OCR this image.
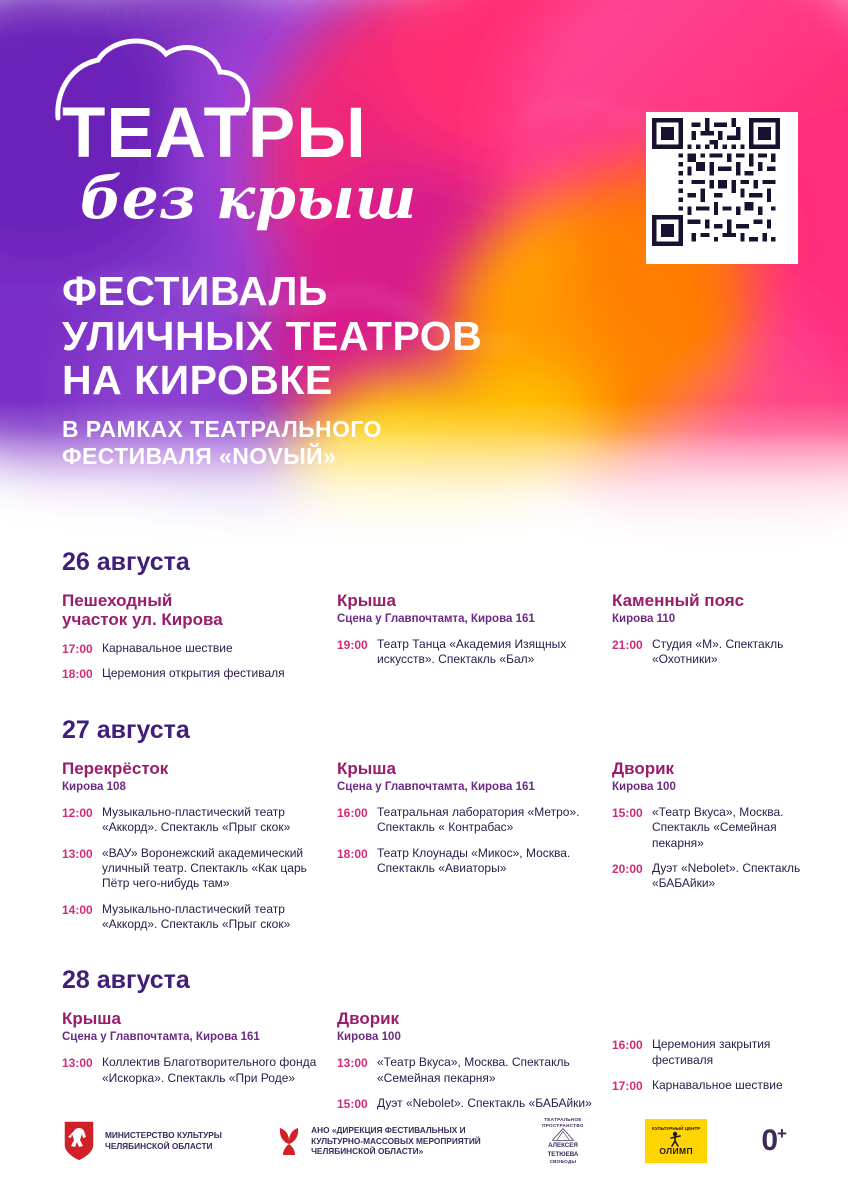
ТЕАТРЫ
без крыш
ФЕСТИВАЛЬ
УЛИЧНЫХ ТЕАТРОВ
НА КИРОВКЕ
В РАМКАХ ТЕАТРАЛЬНОГО
ФЕСТИВАЛЯ «NOVЫЙ»
26 августа
Пешеходный
участок ул. Кирова
17:00 Карнавальное шествие
18:00 Церемония открытия фестиваля
Крыша
Сцена у Главпочтамта, Кирова 161
19:00 Театр Танца «Академия Изящных искусств». Спектакль «Бал»
Каменный пояс
Кирова 110
21:00 Студия «М». Спектакль «Охотники»
27 августа
Перекрёсток
Кирова 108
12:00 Музыкально-пластический театр «Аккорд». Спектакль «Прыг скок»
13:00 «ВАУ» Воронежский академический уличный театр. Спектакль «Как царь Пётр чего-нибудь там»
14:00 Музыкально-пластический театр «Аккорд». Спектакль «Прыг скок»
Крыша
Сцена у Главпочтамта, Кирова 161
16:00 Театральная лаборатория «Метро». Спектакль « Контрабас»
18:00 Театр Клоунады «Микос», Москва. Спектакль «Авиаторы»
Дворик
Кирова 100
15:00 «Театр Вкуса», Москва. Спектакль «Семейная пекарня»
20:00 Дуэт «Nebolet». Спектакль «БАБАйки»
28 августа
Крыша
Сцена у Главпочтамта, Кирова 161
13:00 Коллектив Благотворительного фонда «Искорка». Спектакль «При Роде»
Дворик
Кирова 100
13:00 «Театр Вкуса», Москва. Спектакль «Семейная пекарня»
15:00 Дуэт «Nebolet». Спектакль «БАБАйки»
16:00 Церемония закрытия фестиваля
17:00 Карнавальное шествие
МИНИСТЕРСТВО КУЛЬТУРЫ
ЧЕЛЯБИНСКОЙ ОБЛАСТИ
АНО «ДИРЕКЦИЯ ФЕСТИВАЛЬНЫХ И
КУЛЬТУРНО-МАССОВЫХ МЕРОПРИЯТИЙ
ЧЕЛЯБИНСКОЙ ОБЛАСТИ»
ТЕАТРАЛЬНОЕ ПРОСТРАНСТВО
АЛЕКСЕЯ
ТЕТЮЕВА
СВОБОДЫ
КУЛЬТУРНЫЙ ЦЕНТР
ОЛИМП 0+
